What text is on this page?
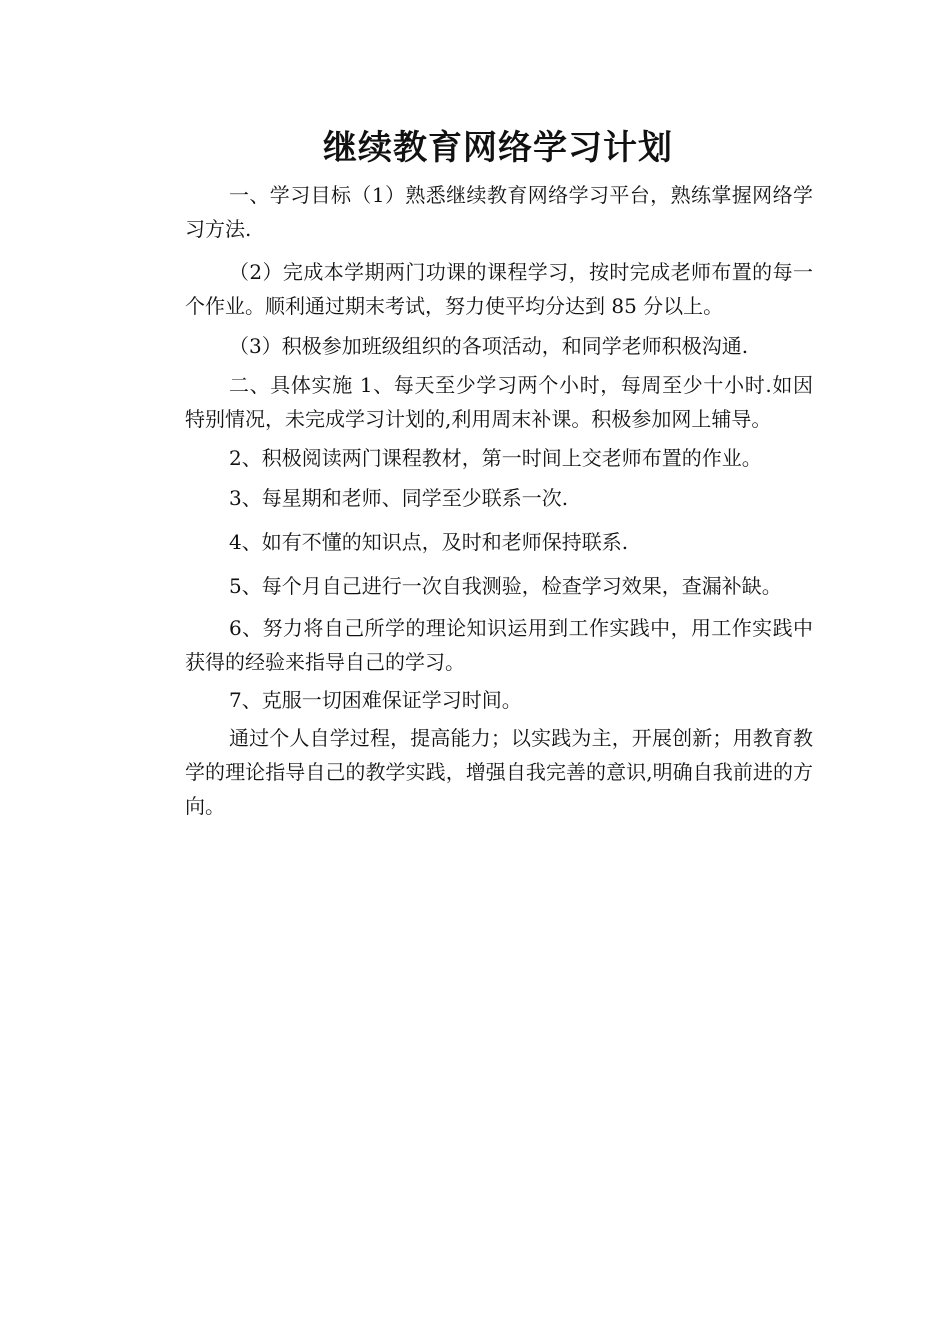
继续教育网络学习计划

一、学习目标（1）熟悉继续教育网络学习平台，熟练掌握网络学习方法.

（2）完成本学期两门功课的课程学习，按时完成老师布置的每一个作业。顺利通过期末考试，努力使平均分达到 85 分以上。

（3）积极参加班级组织的各项活动，和同学老师积极沟通.

二、具体实施 1、每天至少学习两个小时，每周至少十小时.如因特别情况，未完成学习计划的,利用周末补课。积极参加网上辅导。

2、积极阅读两门课程教材，第一时间上交老师布置的作业。

3、每星期和老师、同学至少联系一次.

4、如有不懂的知识点，及时和老师保持联系.

5、每个月自己进行一次自我测验，检查学习效果，查漏补缺。

6、努力将自己所学的理论知识运用到工作实践中，用工作实践中获得的经验来指导自己的学习。

7、克服一切困难保证学习时间。

通过个人自学过程，提高能力；以实践为主，开展创新；用教育教学的理论指导自己的教学实践，增强自我完善的意识,明确自我前进的方向。
